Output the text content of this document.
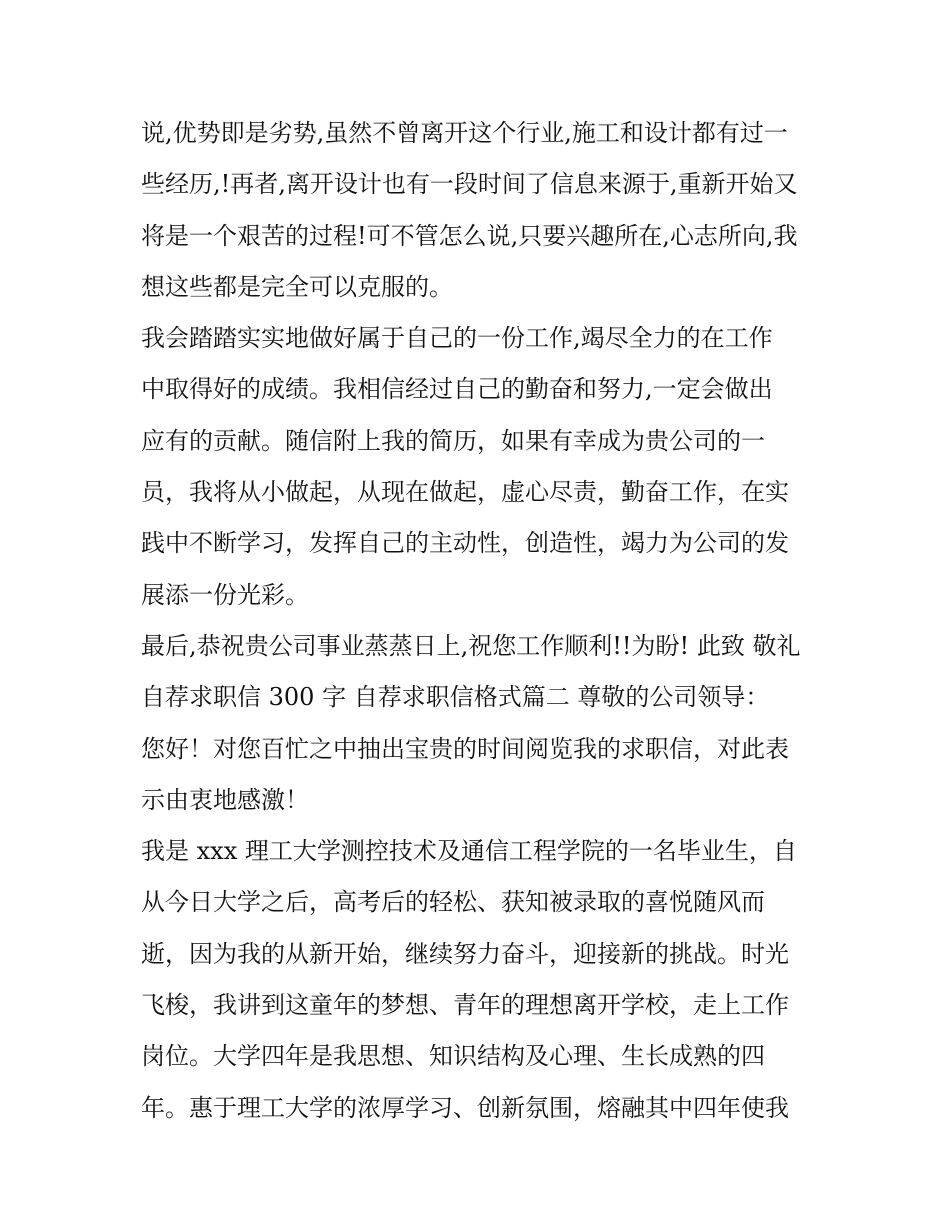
说,优势即是劣势,虽然不曾离开这个行业,施工和设计都有过一
些经历,!再者,离开设计也有一段时间了信息来源于,重新开始又
将是一个艰苦的过程!可不管怎么说,只要兴趣所在,心志所向,我
想这些都是完全可以克服的。
我会踏踏实实地做好属于自己的一份工作,竭尽全力的在工作
中取得好的成绩。我相信经过自己的勤奋和努力,一定会做出
应有的贡献。随信附上我的简历，如果有幸成为贵公司的一
员，我将从小做起，从现在做起，虚心尽责，勤奋工作，在实
践中不断学习，发挥自己的主动性，创造性，竭力为公司的发
展添一份光彩。
最后,恭祝贵公司事业蒸蒸日上,祝您工作顺利!!为盼! 此致 敬礼
自荐求职信 300 字 自荐求职信格式篇二 尊敬的公司领导：
您好！对您百忙之中抽出宝贵的时间阅览我的求职信，对此表
示由衷地感激！
我是 xxx 理工大学测控技术及通信工程学院的一名毕业生，自
从今日大学之后，高考后的轻松、获知被录取的喜悦随风而
逝，因为我的从新开始，继续努力奋斗，迎接新的挑战。时光
飞梭，我讲到这童年的梦想、青年的理想离开学校，走上工作
岗位。大学四年是我思想、知识结构及心理、生长成熟的四
年。惠于理工大学的浓厚学习、创新氛围，熔融其中四年使我
